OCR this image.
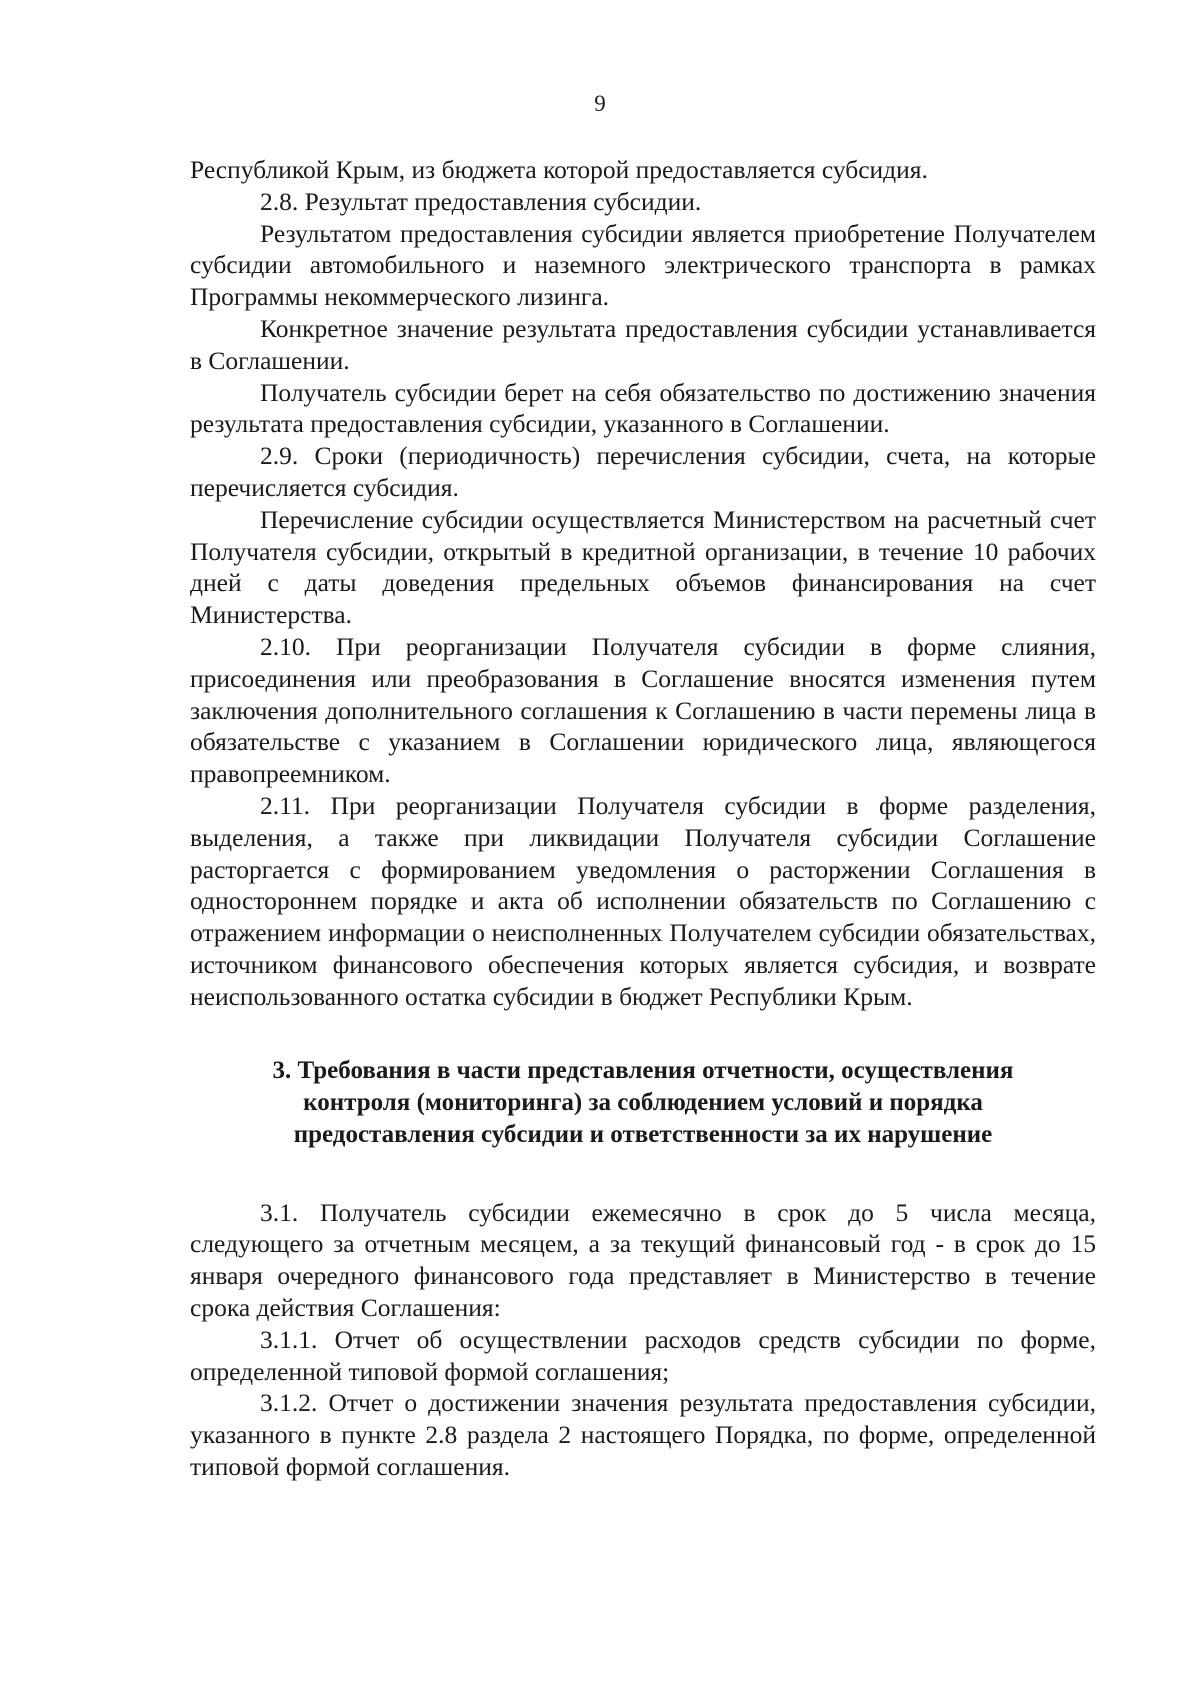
9

Республикой Крым, из бюджета которой предоставляется субсидия.

2.8. Результат предоставления субсидии.

Результатом предоставления субсидии является приобретение Получателем субсидии автомобильного и наземного электрического транспорта в рамках Программы некоммерческого лизинга.

Конкретное значение результата предоставления субсидии устанавливается в Соглашении.

Получатель субсидии берет на себя обязательство по достижению значения результата предоставления субсидии, указанного в Соглашении.

2.9. Сроки (периодичность) перечисления субсидии, счета, на которые перечисляется субсидия.

Перечисление субсидии осуществляется Министерством на расчетный счет Получателя субсидии, открытый в кредитной организации, в течение 10 рабочих дней с даты доведения предельных объемов финансирования на счет Министерства.

2.10. При реорганизации Получателя субсидии в форме слияния, присоединения или преобразования в Соглашение вносятся изменения путем заключения дополнительного соглашения к Соглашению в части перемены лица в обязательстве с указанием в Соглашении юридического лица, являющегося правопреемником.

2.11. При реорганизации Получателя субсидии в форме разделения, выделения, а также при ликвидации Получателя субсидии Соглашение расторгается с формированием уведомления о расторжении Соглашения в одностороннем порядке и акта об исполнении обязательств по Соглашению с отражением информации о неисполненных Получателем субсидии обязательствах, источником финансового обеспечения которых является субсидия, и возврате неиспользованного остатка субсидии в бюджет Республики Крым.

3. Требования в части представления отчетности, осуществления контроля (мониторинга) за соблюдением условий и порядка предоставления субсидии и ответственности за их нарушение

3.1. Получатель субсидии ежемесячно в срок до 5 числа месяца, следующего за отчетным месяцем, а за текущий финансовый год - в срок до 15 января очередного финансового года представляет в Министерство в течение срока действия Соглашения:

3.1.1. Отчет об осуществлении расходов средств субсидии по форме, определенной типовой формой соглашения;

3.1.2. Отчет о достижении значения результата предоставления субсидии, указанного в пункте 2.8 раздела 2 настоящего Порядка, по форме, определенной типовой формой соглашения.
